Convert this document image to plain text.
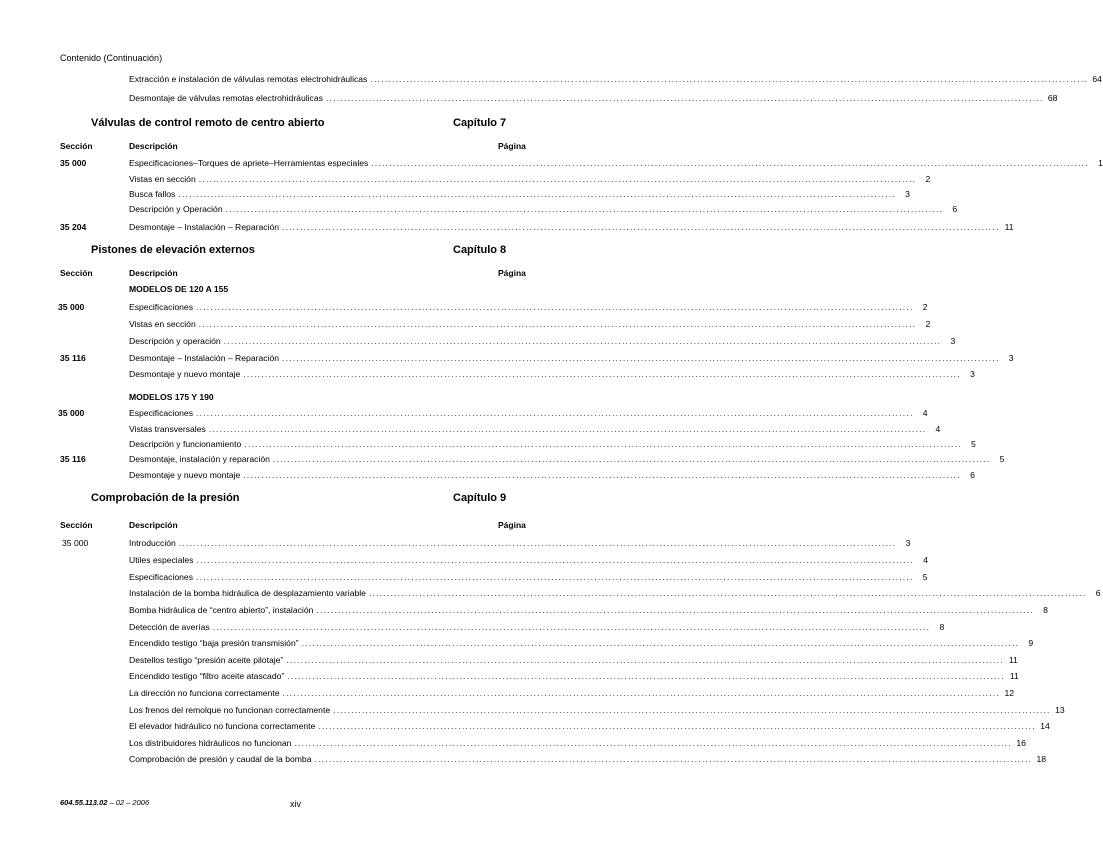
Contenido (Continuación)
Extracción e instalación de válvulas remotas electrohidráulicas ........................................................................................................................................................................................................ 64
Desmontaje de válvulas remotas electrohidráulicas ........................................................................................................................................................................................................ 68
Válvulas de control remoto de centro abierto	Capítulo 7
Sección	Descripción	Página
35 000	Especificaciones–Torques de apriete–Herramientas especiales ........................................................................................................................................................................................................	1
Vistas en sección ........................................................................................................................................................................................................	2
Busca fallos ........................................................................................................................................................................................................	3
Descripción y Operación ........................................................................................................................................................................................................	6
35 204	Desmontaje – Instalación – Reparación ........................................................................................................................................................................................................ 11
Pistones de elevación externos	Capítulo 8
Sección	Descripción	Página
MODELOS DE 120 A 155
35 000	Especificaciones ........................................................................................................................................................................................................	2
Vistas en sección ........................................................................................................................................................................................................	2
Descripción y operación ........................................................................................................................................................................................................	3
35 116	Desmontaje – Instalación – Reparación ........................................................................................................................................................................................................	3
Desmontaje y nuevo montaje ........................................................................................................................................................................................................	3
MODELOS 175 Y 190
35 000	Especificaciones ........................................................................................................................................................................................................	4
Vistas transversales ........................................................................................................................................................................................................	4
Descripción y funcionamiento ........................................................................................................................................................................................................	5
35 116	Desmontaje, instalación y reparación ........................................................................................................................................................................................................	5
Desmontaje y nuevo montaje ........................................................................................................................................................................................................	6
Comprobación de la presión	Capítulo 9
Sección	Descripción	Página
35 000	Introducción ........................................................................................................................................................................................................	3
Utiles especiales ........................................................................................................................................................................................................	4
Especificaciones ........................................................................................................................................................................................................	5
Instalación de la bomba hidráulica de desplazamiento variable ........................................................................................................................................................................................................	6
Bomba hidráulica de “centro abierto”, instalación ........................................................................................................................................................................................................	8
Detección de averías ........................................................................................................................................................................................................	8
Encendido testigo “baja presión transmisión” ........................................................................................................................................................................................................	9
Destellos testigo “presión aceite pilotaje” ........................................................................................................................................................................................................ 11
Encendido testigo “filtro aceite atascado” ........................................................................................................................................................................................................ 11
La dirección no funciona correctamente ........................................................................................................................................................................................................ 12
Los frenos del remolque no funcionan correctamente ........................................................................................................................................................................................................ 13
El elevador hidráulico no funciona correctamente ........................................................................................................................................................................................................ 14
Los distribuidores hidráulicos no funcionan ........................................................................................................................................................................................................ 16
Comprobación de presión y caudal de la bomba ........................................................................................................................................................................................................ 18
604.55.113.02 – 02 – 2006	xiv
